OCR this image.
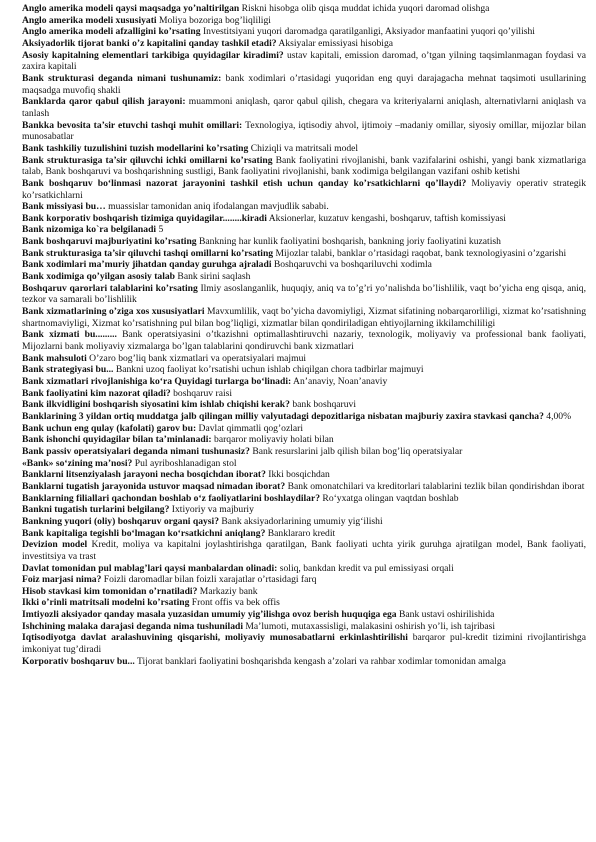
Anglo amerika modeli qaysi maqsadga yo’naltirilgan Riskni hisobga olib qisqa muddat ichida yuqori daromad olishga

Anglo amerika modeli xususiyati Moliya bozoriga bog’liqliligi

Anglo amerika modeli afzalligini ko’rsating Investitsiyani yuqori daromadga qaratilganligi, Aksiyador manfaatini yuqori qo’yilishi

Aksiyadorlik tijorat banki o’z kapitalini qanday tashkil etadi? Aksiyalar emissiyasi hisobiga

Asosiy kapitalning elementlari tarkibiga quyidagilar kiradimi? ustav kapitali, emission daromad, o’tgan yilning taqsimlanmagan foydasi va zaxira kapitali

Bank strukturasi deganda nimani tushunamiz: bank xodimlari o’rtasidagi yuqoridan eng quyi darajagacha mehnat taqsimoti usullarining maqsadga muvofiq shakli

Banklarda qaror qabul qilish jarayoni: muammoni aniqlash, qaror qabul qilish, chegara va kriteriyalarni aniqlash, alternativlarni aniqlash va tanlash

Bankka bevosita ta’sir etuvchi tashqi muhit omillari: Texnologiya, iqtisodiy ahvol, ijtimoiy –madaniy omillar, siyosiy omillar, mijozlar bilan munosabatlar

Bank tashkiliy tuzulishini tuzish modellarini ko’rsating Chiziqli va matritsali model

Bank strukturasiga ta’sir qiluvchi ichki omillarni ko’rsating Bank faoliyatini rivojlanishi, bank vazifalarini oshishi, yangi bank xizmatlariga talab, Bank boshqaruvi va boshqarishning sustligi, Bank faoliyatini rivojlanishi, bank xodimiga belgilangan vazifani oshib ketishi

Bank boshqaruv bo‘linmasi nazorat jarayonini tashkil etish uchun qanday ko’rsatkichlarni qo’llaydi? Moliyaviy operativ strategik ko’rsatkichlarni

Bank missiyasi bu… muassislar tamonidan aniq ifodalangan mavjudlik sababi.

Bank korporativ boshqarish tizimiga quyidagilar........kiradi Aksionerlar, kuzatuv kengashi, boshqaruv, taftish komissiyasi

Bank nizomiga ko`ra belgilanadi 5

Bank boshqaruvi majburiyatini ko’rsating Bankning har kunlik faoliyatini boshqarish, bankning joriy faoliyatini kuzatish

Bank strukturasiga ta’sir qiluvchi tashqi omillarni ko’rsating Mijozlar talabi, banklar o’rtasidagi raqobat, bank texnologiyasini o’zgarishi

Bank xodimlari ma’muriy jihatdan qanday guruhga ajraladi Boshqaruvchi va boshqariluvchi xodimla

Bank xodimiga qo’yilgan asosiy talab Bank sirini saqlash

Boshqaruv qarorlari talablarini ko’rsating Ilmiy asoslanganlik, huquqiy, aniq va to’g’ri yo’nalishda bo’lishlilik, vaqt bo’yicha eng qisqa, aniq, tezkor va samarali bo’lishlilik

Bank xizmatlarining o’ziga xos xususiyatlari Mavxumlilik, vaqt bo’yicha davomiyligi, Xizmat sifatining nobarqarorliligi, xizmat ko’rsatishning shartnomaviyligi, Xizmat ko’rsatishning pul bilan bog’liqligi, xizmatlar bilan qondiriladigan ehtiyojlarning ikkilamchililigi

Bank xizmati bu......... Bank operatsiyasini o’tkazishni optimallashtiruvchi nazariy, texnologik, moliyaviy va professional bank faoliyati, Mijozlarni bank moliyaviy xizmalarga bo’lgan talablarini qondiruvchi bank xizmatlari

Bank mahsuloti O’zaro bog’liq bank xizmatlari va operatsiyalari majmui

Bank strategiyasi bu... Bankni uzoq faoliyat ko’rsatishi uchun ishlab chiqilgan chora tadbirlar majmuyi

Bank xizmatlari rivojlanishiga ko‘ra Quyidagi turlarga bo‘linadi: An’anaviy, Noan’anaviy

Bank faoliyatini kim nazorat qiladi? boshqaruv raisi

Bank ilkvidligini boshqarish siyosatini kim ishlab chiqishi kerak? bank boshqaruvi

Banklarining 3 yildan ortiq muddatga jalb qilingan milliy valyutadagi depozitlariga nisbatan majburiy zaxira stavkasi qancha? 4,00%

Bank uchun eng qulay (kafolati) garov bu: Davlat qimmatli qog’ozlari

Bank ishonchi quyidagilar bilan ta’minlanadi: barqaror moliyaviy holati bilan

Bank passiv operatsiyalari deganda nimani tushunasiz? Bank resurslarini jalb qilish bilan bog’liq operatsiyalar

«Bank» so‘zining ma’nosi? Pul ayriboshlanadigan stol

Banklarni litsenziyalash jarayoni necha bosqichdan iborat? Ikki bosqichdan

Banklarni tugatish jarayonida ustuvor maqsad nimadan iborat? Bank omonatchilari va kreditorlari talablarini tezlik bilan qondirishdan iborat

Banklarning filiallari qachondan boshlab o‘z faoliyatlarini boshlaydilar? Ro‘yxatga olingan vaqtdan boshlab

Bankni tugatish turlarini belgilang? Ixtiyoriy va majburiy

Bankning yuqori (oliy) boshqaruv organi qaysi? Bank aksiyadorlarining umumiy yig‘ilishi

Bank kapitaliga tegishli bo‘lmagan ko‘rsatkichni aniqlang? Banklararo kredit

Devizion model Kredit, moliya va kapitalni joylashtirishga qaratilgan, Bank faoliyati uchta yirik guruhga ajratilgan model, Bank faoliyati, investitsiya va trast

Davlat tomonidan pul mablag’lari qaysi manbalardan olinadi: soliq, bankdan kredit va pul emissiyasi orqali

Foiz marjasi nima? Foizli daromadlar bilan foizli xarajatlar o’rtasidagi farq

Hisob stavkasi kim tomonidan o’rnatiladi? Markaziy bank

Ikki o’rinli matritsali modelni ko’rsating Front offis va bek offis

Imtiyozli aksiyador qanday masala yuzasidan umumiy yig’ilishga ovoz berish huquqiga ega Bank ustavi oshirilishida

Ishchining malaka darajasi deganda nima tushuniladi Ma’lumoti, mutaxassisligi, malakasini oshirish yo’li, ish tajribasi

Iqtisodiyotga davlat aralashuvining qisqarishi, moliyaviy munosabatlarni erkinlashtirilishi barqaror pul-kredit tizimini rivojlantirishga imkoniyat tug’diradi

Korporativ boshqaruv bu... Tijorat banklari faoliyatini boshqarishda kengash a’zolari va rahbar xodimlar tomonidan amalga
